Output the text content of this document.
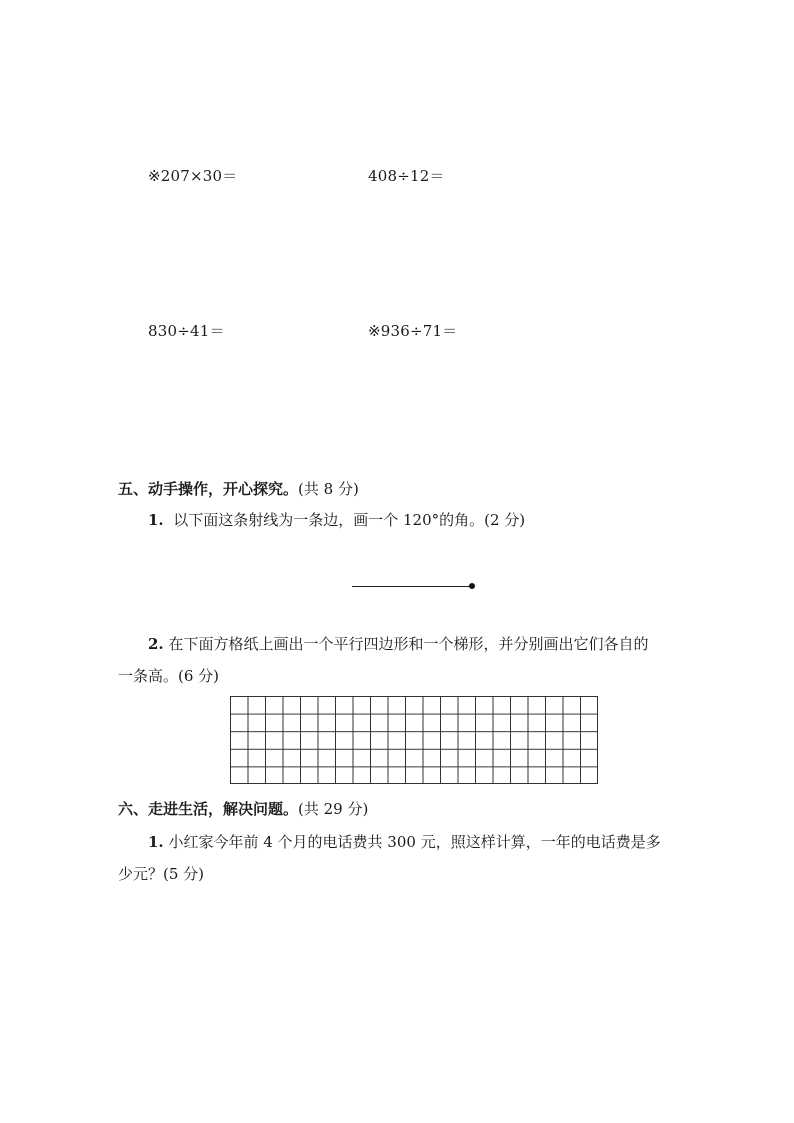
※207×30＝	408÷12＝
830÷41＝	※936÷71＝
五、动手操作，开心探究。(共 8 分)
1. 以下面这条射线为一条边，画一个 120°的角。(2 分)
2. 在下面方格纸上画出一个平行四边形和一个梯形，并分别画出它们各自的
一条高。(6 分)
六、走进生活，解决问题。(共 29 分)
1. 小红家今年前 4 个月的电话费共 300 元，照这样计算，一年的电话费是多
少元？(5 分)
